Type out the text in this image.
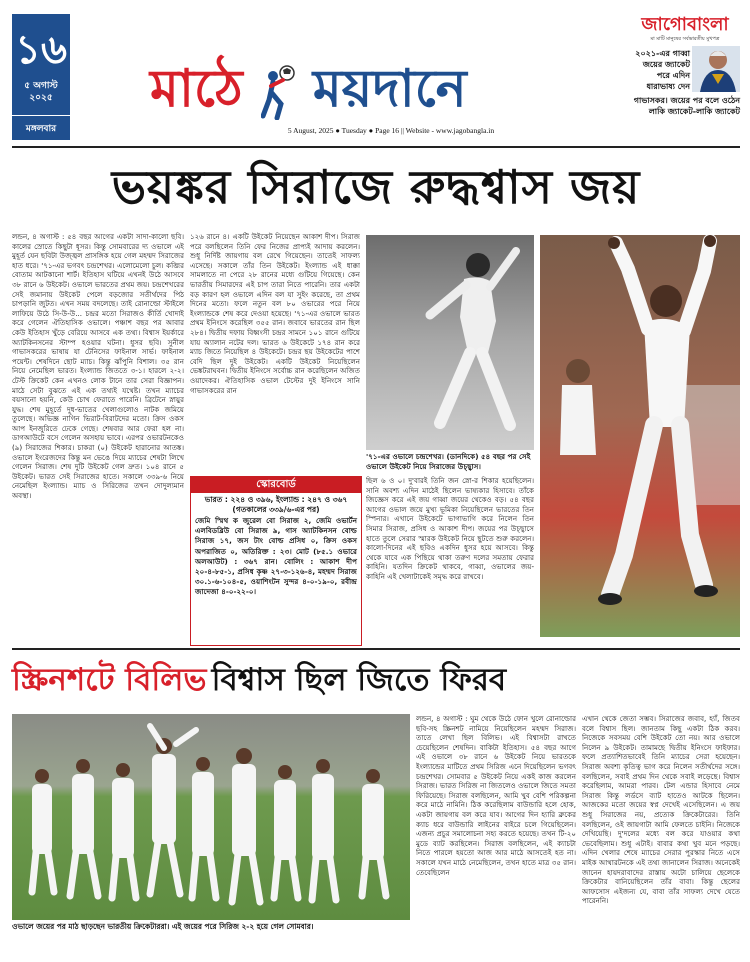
১৬
৫ অগাস্ট
২০২৫
মঙ্গলবার
মাঠে ময়দানে
5 August, 2025 ● Tuesday ● Page 16 || Website - www.jagobangla.in
জাগোবাংলা
মা মাটি মানুষের সর্বভারতীয় মুখপত্র
২০২১-এর গাব্বা
জয়ের জ্যাকেট
পরে এদিন
ধারাভাষ্য দেন
গাভাসকর। জয়ের পর বলে ওঠেন
লাকি জ্যাকেট-লাকি জ্যাকেট
ভয়ঙ্কর সিরাজে রুদ্ধশ্বাস জয়
লন্ডন, ৪ অগাস্ট : ৫৪ বছর আগের একটা সাদা-কালো ছবি। কালের স্রোতে কিছুটা ধূসর। কিন্তু সোমবারের দ্য ওভালে এই মুহূর্ত যেন ছবিটা উজ্জ্বল প্রাসঙ্গিক হয়ে গেল মহম্মদ সিরাজের হাত ধরে। '৭১-এর ভগবৎ চন্দ্রশেখর। এলোমেলো চুল। কব্জির বোতাম আটকানো শার্ট। ইতিহাস ঘটিয়ে এখনই উঠে আসবে ৩৮ রানে ৬ উইকেট। ওভালে ভারতের প্রথম জয়। চন্দ্রশেখরের সেই জমানায় উইকেট পেলে বড়জোর সতীর্থদের পিঠ চাপড়ানি জুটত। এখন সময় বদলেছে। তাই রোনাল্ডো স্টাইলে লাফিয়ে উঠে সি-উ-উ... চন্দ্রর মতো সিরাজও কীর্তি খোদাই করে গেলেন ঐতিহাসিক ওভালে। পঞ্চাশ বছর পর আবার কেউ ইতিহাস খুঁড়ে বেরিয়ে আসবে এক তথ্য। বিশ্বাস ইয়র্কারে অ্যাটকিনসনের স্টাম্প হওয়ার ঘটনা। ধুসর ছবি। সুনীল গাভাসকরের ভাষায় যা টেনিসের ফাইনাল সার্ভ। ফাইনাল পয়েন্ট। শেষদিনে ছোট ম্যাচ। কিন্তু ঝাঁপুনি বিশাল। ৩৫ রান নিয়ে নেমেছিল ভারত। ইংল্যান্ড জিততে ৩-১। হারলে ২-২। টেস্ট ক্রিকেট কেন এখনও লোক টানে তার সেরা বিজ্ঞাপন। মাঠে সেটা বুঝতে এই এক তথ্যই যথেষ্ট। তখন ম্যাচের বয়সানো হয়নি, কেউ চোখ ফেরাতে পারেনি। ব্রিটেনে স্নায়ুর যুদ্ধ। শেষ মুহূর্তে দুধ-ভাতের খেলাগুলোও নাটক জমিয়ে তুলেছে। অভিজ্ঞ নাগিন ভিরাট-বিরাটদের মতো। ক্রিস ওকস আপ ইনজুরিতে ঢেকে গেছে। শেষবার আর ফেরা হল না। ডাগআউটে বসে গেলেন অসহায় ভাবে। এরপর ওভারটনকেও (৯) সিরাজের শিকার। চাকরা (০) উইকেট হারানোর আতঙ্ক। ওভালে ইংরেজদের কিন্তু মন ভেঙে দিয়ে ম্যাচের শেষটা লিখে গেলেন সিরাজ। শেষ দুটি উইকেট গেল দ্রুত। ১০৪ রানে ৫ উইকেট। ভারত সেই সিরাজের হাতে। সকালে ৩৩৯-৬ নিয়ে নেমেছিল ইংল্যান্ড। ম্যাচ ও সিরিজের তখন দোদুল্যমান অবস্থা।
১২৬ রানে ৪। একটি উইকেট নিয়েছেন আকাশ দীপ। সিরাজ পরে বলছিলেন তিনি ফের নিজের প্রাপ্যই আদায় করলেন। শুধু নির্দিষ্ট জায়গায় বল রেখে গিয়েছেন। তাতেই সাফল্য এসেছে। সকালে তাঁর তিন উইকেট। ইংল্যান্ড এই ধাক্কা সামলাতে না পেরে ২৮ রানের মধ্যে গুটিয়ে গিয়েছে। কেন ভারতীয় সিমারদের এই চাপ তারা নিতে পারেনি। তার একটা বড় কারণ হল ওভালে এদিন বল যা সুইং করেছে, তা প্রথম দিনের মতো। ফলে নতুন বল ৮০ ওভারের পরে নিয়ে ইংল্যান্ডকে শেষ করে দেওয়া হয়েছে। '৭১-এর ওভালে ভারত প্রথম ইনিংসে করেছিল ৩৫৫ রান। জবাবে ভারতের রান ছিল ২৮৪। দ্বিতীয় দফায় বিধ্বংসী চন্দ্রর সামনে ১০১ রানে গুটিয়ে যায় অ্যালান নটের দল। ভারত ৬ উইকেটে ১৭৪ রান করে ম্যাচ জিতে নিয়েছিল ৪ উইকেটে। চন্দ্রর ছয় উইকেটের পাশে বেদি ছিল দুই উইকেট। একটি উইকেট নিয়েছিলেন ভেঙ্কটরাঘবন। দ্বিতীয় ইনিংসে সর্বোচ্চ রান করেছিলেন অজিত ওয়াদেকর। ঐতিহাসিক ওভাল টেস্টের দুই ইনিংসে সানি গাভাসকরের রান
'৭১-এর ওভালে চন্দ্রশেখর। (ডানদিকে) ৫৪ বছর পর সেই ওভালে উইকেট নিয়ে সিরাজের উচ্ছ্বাস।
ছিল ৬ ও ০। দু'বারই তিনি জন স্নো-র শিকার হয়েছিলেন। সানি অবশ্য এদিন মাঠেই ছিলেন ভাষ্যকার হিসাবে। তাঁকে জিজ্ঞেস করে এই জয় গাব্বা জয়ের থেকেও বড়। ৫৪ বছর আগের ওভাল জয়ে মুখ্য ভূমিকা নিয়েছিলেন ভারতের তিন স্পিনার। এখানে উইকেটে ভাগাভাগি করে নিলেন তিন সিমার সিরাজ, প্রসিধ ও আকাশ দীপ। জয়ের পর উচ্ছ্বাসে হাতে তুলে সেরার স্মারক উইকেট নিয়ে ছুটতে শুরু করলেন। কালো-দিনের এই ছবিও একদিন ধুসর হয়ে আসবে। কিন্তু থেকে যাবে এক পিছিয়ে থাকা তরুণ দলের সমতায় ফেরার কাহিনি। যতদিন ক্রিকেট থাকবে, গাব্বা, ওভালের জয়-কাহিনি এই খেলাটাকেই সমৃদ্ধ করে রাখবে।
স্কোরবোর্ড
ভারত : ২২৪ ও ৩৯৬, ইংল্যান্ড : ২৪৭ ও ৩৬৭
(গতকালের ৩৩৯/৬-এর পর)
জেমি স্মিথ ক জুরেল বো সিরাজ ২, জেমি ওভার্টন এলবিডব্লিউ বো সিরাজ ৯, গাস অ্যাটকিনসন বোল্ড সিরাজ ১৭, জস টাং বোল্ড প্রসিধ ০, ক্রিস ওকস অপরাজিত ০, অতিরিক্ত : ২৩। মোট (৮৫.১ ওভারে অলআউট) : ৩৬৭ রান। বোলিং : আকাশ দীপ ২০-৪-৮৫-১, প্রসিধ কৃষ্ণ ২৭-৩-১২৬-৪, মহম্মদ সিরাজ ৩০.১-৬-১০৪-৫, ওয়াশিংটন সুন্দর ৪-০-১৯-০, রবীন্দ্র জাদেজা ৪-০-২২-০।
স্ক্রিনশটে বিলিভ বিশ্বাস ছিল জিতে ফিরব
ওভালে জয়ের পর মাঠ ছাড়ছেন ভারতীয় ক্রিকেটাররা। এই জয়ের পরে সিরিজ ২-২ হয়ে গেল সোমবার।
লন্ডন, ৪ অগাস্ট : ঘুম থেকে উঠে ফোন খুলে রোনাল্ডোর ছবি-সহ স্ক্রিনশট নামিয়ে নিয়েছিলেন মহম্মদ সিরাজ। তাতে লেখা ছিল বিলিভ। এই বিশ্বাসটা রাখতে চেয়েছিলেন শেষদিন। বাকিটা ইতিহাস। ৫৪ বছর আগে এই ওভালে ৩৮ রানে ৬ উইকেট নিয়ে ভারতকে ইংল্যান্ডের মাটিতে প্রথম সিরিজ এনে দিয়েছিলেন ভগবৎ চন্দ্রশেখর। সোমবার ৫ উইকেট নিয়ে একই কাজ করলেন সিরাজ। ভারত সিরিজ না জিতলেও ওভালে জিতে সমতা ফিরিয়েছে। সিরাজ বলছিলেন, আমি খুব বেশি পরিকল্পনা করে মাঠে নামিনি। ঠিক করেছিলাম বাউন্ডারি হলে হোক, একটা জায়গায় বল করে যাব। আগের দিন হ্যারি ব্রুকের ক্যাচ ধরে বাউন্ডারি লাইনের বাইরে চলে গিয়েছিলেন। এজন্য প্রচুর সমালোচনা সহ্য করতে হয়েছে। তখন টি-২০ মুডে ব্যাট করছিলেন। সিরাজ বলছিলেন, এই ক্যাচটা নিতে পারলে হয়তো আজ আর মাঠে আসতেই হত না। সকালে যখন মাঠে নেমেছিলেন, তখন হাতে মাত্র ৩৫ রান। তেবেছিলেন
এখান থেকে জেতা সম্ভব। সিরাজের জবাব, হ্যাঁ, জিতব বলে বিশ্বাস ছিল। জানতাম কিছু একটা ঠিক করব। নিজেকে সবসময় বেশি উইকেট তো নয়। আর ওভালে নিলেন ৯ উইকেট। তামামছে দ্বিতীয় ইনিংসে ফাইফার। ফলে প্রত্যাশিতভাবেই তিনি ম্যাচের সেরা হয়েছেন। সিরাজ অবশ্য কৃতিত্ব ভাগ করে নিলেন সতীর্থদের সঙ্গে। বলছিলেন, সবাই প্রথম দিন থেকে সবাই লড়েছে। বিশ্বাস করেছিলাম, আমরা পারব। টেল এন্ডার হিসাবে নেমে সিরাজ কিন্তু লর্ডসে ব্যাট হাতেও আটকে ছিলেন। আজকের মতো জয়ের স্বপ্ন দেখেই এসেছিলেন। এ জয় শুধু সিরাজের নয়, প্রত্যেক ক্রিকেটারের। তিনি বলছিলেন, ওই জায়গাটা আমি ফেলতে চাইনি। নিজেকে দেখিয়েছি। দু'দলের মধ্যে বল করে যাওয়ার কথা ভেবেছিলাম। শুধু এটাই। বাবার কথা খুব মনে পড়ছে। এদিন খেলার শেষে ম্যাচের সেরার পুরস্কার নিতে এসে মাইক আথারটনকে এই তথ্য জানালেন সিরাজ। অনেকেই জানেন হায়দরাবাদের রাস্তায় অটো চালিয়ে ছেলেকে ক্রিকেটার বানিয়েছিলেন তাঁর বাবা। কিন্তু ছেলের আফসোস এইজন্য যে, বাবা তাঁর সাফল্য দেখে যেতে পারেননি।
